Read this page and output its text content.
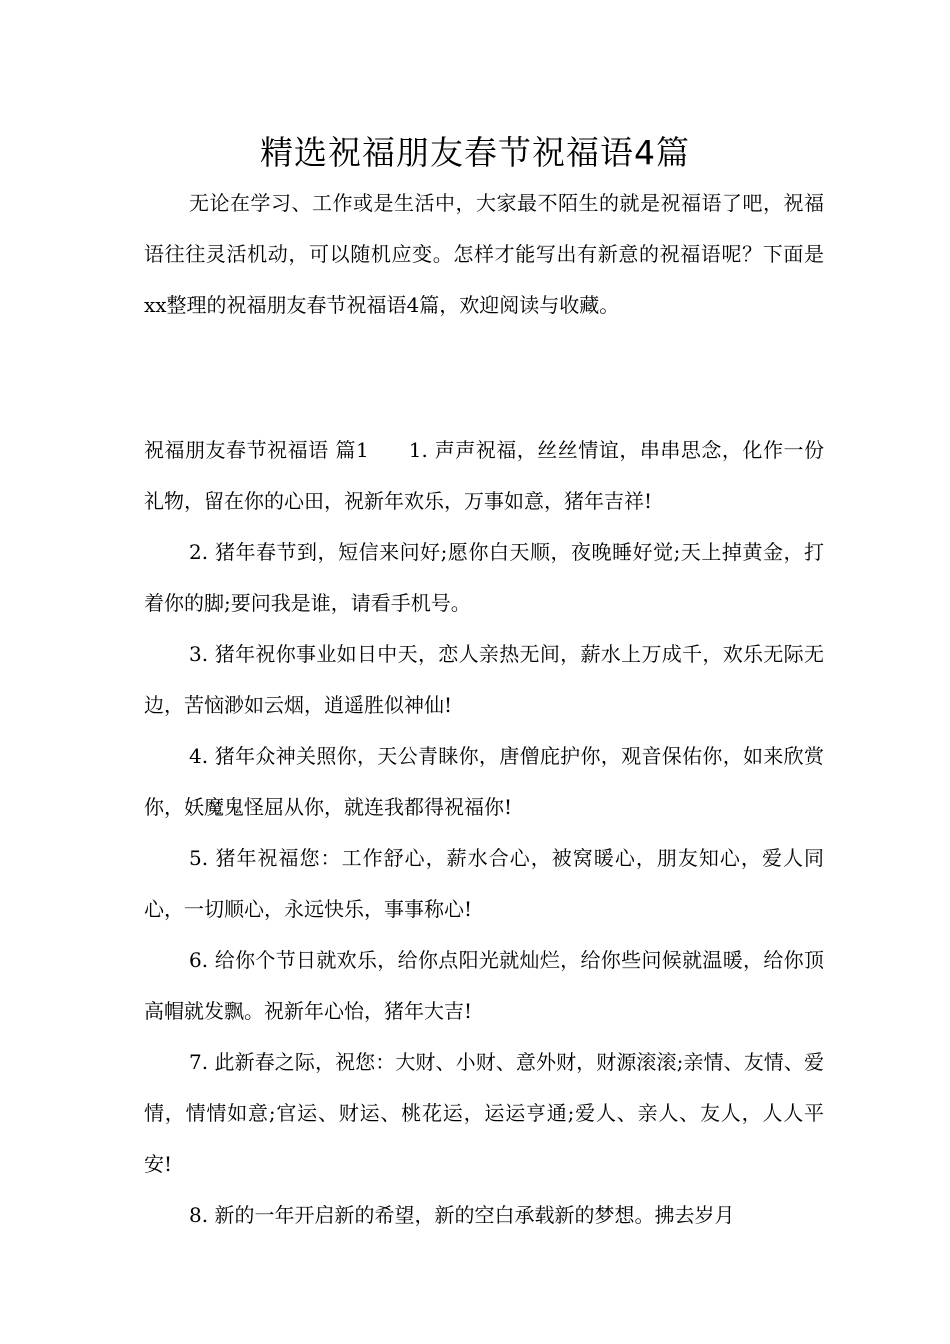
精选祝福朋友春节祝福语4篇

无论在学习、工作或是生活中，大家最不陌生的就是祝福语了吧，祝福语往往灵活机动，可以随机应变。怎样才能写出有新意的祝福语呢？下面是xx整理的祝福朋友春节祝福语4篇，欢迎阅读与收藏。

祝福朋友春节祝福语 篇1 1. 声声祝福，丝丝情谊，串串思念，化作一份礼物，留在你的心田，祝新年欢乐，万事如意，猪年吉祥!

2. 猪年春节到，短信来问好;愿你白天顺，夜晚睡好觉;天上掉黄金，打着你的脚;要问我是谁，请看手机号。

3. 猪年祝你事业如日中天，恋人亲热无间，薪水上万成千，欢乐无际无边，苦恼渺如云烟，逍遥胜似神仙!

4. 猪年众神关照你，天公青睐你，唐僧庇护你，观音保佑你，如来欣赏你，妖魔鬼怪屈从你，就连我都得祝福你!

5. 猪年祝福您：工作舒心，薪水合心，被窝暖心，朋友知心，爱人同心，一切顺心，永远快乐，事事称心!

6. 给你个节日就欢乐，给你点阳光就灿烂，给你些问候就温暖，给你顶高帽就发飘。祝新年心怡，猪年大吉!

7. 此新春之际，祝您：大财、小财、意外财，财源滚滚;亲情、友情、爱情，情情如意;官运、财运、桃花运，运运亨通;爱人、亲人、友人，人人平安!

8. 新的一年开启新的希望，新的空白承载新的梦想。拂去岁月
